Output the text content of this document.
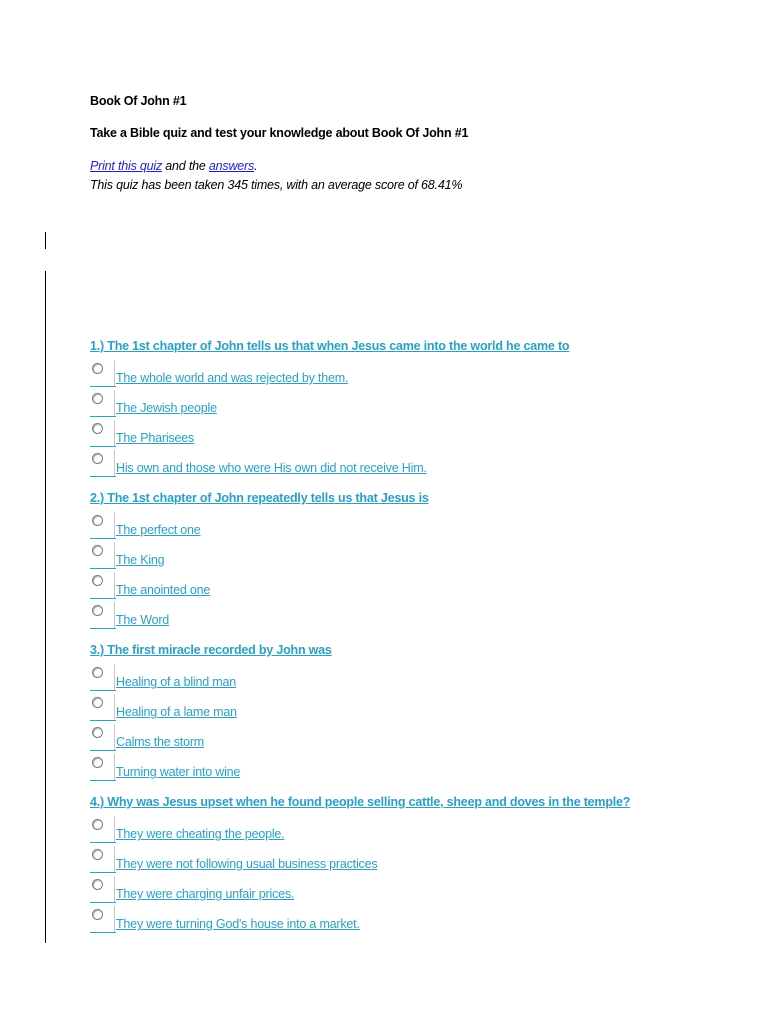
Book Of John #1
Take a Bible quiz and test your knowledge about Book Of John #1
Print this quiz and the answers.
This quiz has been taken 345 times, with an average score of 68.41%
1.) The 1st chapter of John tells us that when Jesus came into the world he came to
The whole world and was rejected by them.
The Jewish people
The Pharisees
His own and those who were His own did not receive Him.
2.) The 1st chapter of John repeatedly tells us that Jesus is
The perfect one
The King
The anointed one
The Word
3.) The first miracle recorded by John was
Healing of a blind man
Healing of a lame man
Calms the storm
Turning water into wine
4.) Why was Jesus upset when he found people selling cattle, sheep and doves in the temple?
They were cheating the people.
They were not following usual business practices
They were charging unfair prices.
They were turning God's house into a market.
